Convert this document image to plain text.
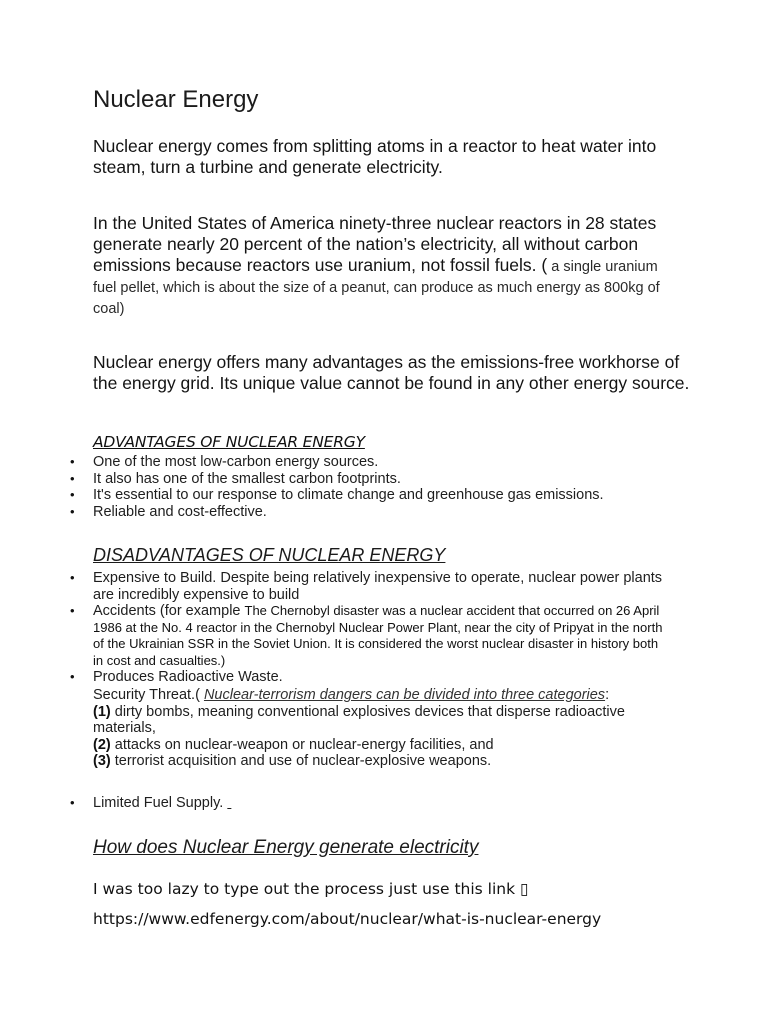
Nuclear Energy

Nuclear energy comes from splitting atoms in a reactor to heat water into steam, turn a turbine and generate electricity.

In the United States of America ninety-three nuclear reactors in 28 states generate nearly 20 percent of the nation’s electricity, all without carbon emissions because reactors use uranium, not fossil fuels. ( a single uranium fuel pellet, which is about the size of a peanut, can produce as much energy as 800kg of coal)

Nuclear energy offers many advantages as the emissions-free workhorse of the energy grid. Its unique value cannot be found in any other energy source.

ADVANTAGES OF NUCLEAR ENERGY
• One of the most low-carbon energy sources.
• It also has one of the smallest carbon footprints.
• It's essential to our response to climate change and greenhouse gas emissions.
• Reliable and cost-effective.
DISADVANTAGES OF NUCLEAR ENERGY
• Expensive to Build. Despite being relatively inexpensive to operate, nuclear power plants are incredibly expensive to build
• Accidents (for example The Chernobyl disaster was a nuclear accident that occurred on 26 April 1986 at the No. 4 reactor in the Chernobyl Nuclear Power Plant, near the city of Pripyat in the north of the Ukrainian SSR in the Soviet Union. It is considered the worst nuclear disaster in history both in cost and casualties.)
• Produces Radioactive Waste.
Security Threat.( Nuclear-terrorism dangers can be divided into three categories:
(1) dirty bombs, meaning conventional explosives devices that disperse radioactive materials,
(2) attacks on nuclear-weapon or nuclear-energy facilities, and
(3) terrorist acquisition and use of nuclear-explosive weapons.
• Limited Fuel Supply.
How does Nuclear Energy generate electricity
I was too lazy to type out the process just use this link ▯
https://www.edfenergy.com/about/nuclear/what-is-nuclear-energy
